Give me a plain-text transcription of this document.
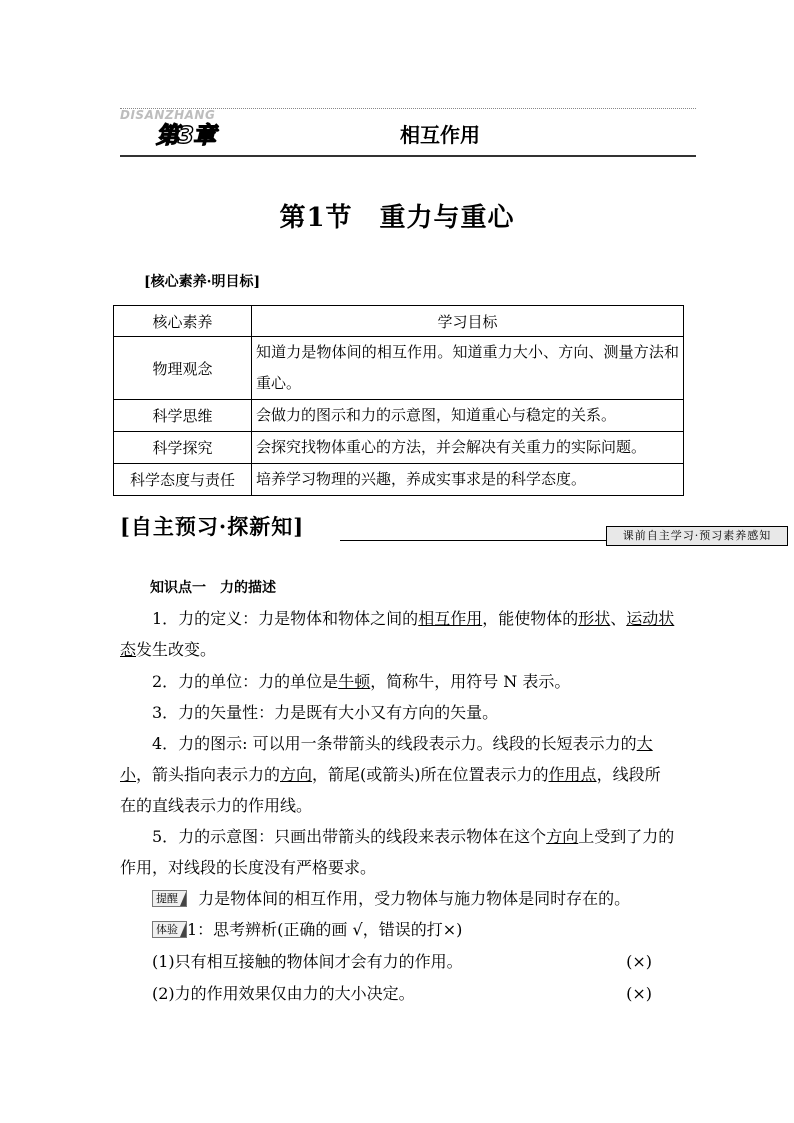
DISANZHANG
第3章	相互作用
第1节　重力与重心
[核心素养·明目标]
核心素养	学习目标
物理观念	知道力是物体间的相互作用。知道重力大小、方向、测量方法和重心。
科学思维	会做力的图示和力的示意图，知道重心与稳定的关系。
科学探究	会探究找物体重心的方法，并会解决有关重力的实际问题。
科学态度与责任	培养学习物理的兴趣，养成实事求是的科学态度。
[自主预习·探新知]	课前自主学习·预习素养感知
知识点一　力的描述
1．力的定义：力是物体和物体之间的相互作用，能使物体的形状、运动状态发生改变。
2．力的单位：力的单位是牛顿，简称牛，用符号 N 表示。
3．力的矢量性：力是既有大小又有方向的矢量。
4．力的图示: 可以用一条带箭头的线段表示力。线段的长短表示力的大小，箭头指向表示力的方向，箭尾(或箭头)所在位置表示力的作用点，线段所在的直线表示力的作用线。
5．力的示意图：只画出带箭头的线段来表示物体在这个方向上受到了力的作用，对线段的长度没有严格要求。
提醒 力是物体间的相互作用，受力物体与施力物体是同时存在的。
体验 1：思考辨析(正确的画 √，错误的打×)
(1)只有相互接触的物体间才会有力的作用。	(×)
(2)力的作用效果仅由力的大小决定。	(×)
